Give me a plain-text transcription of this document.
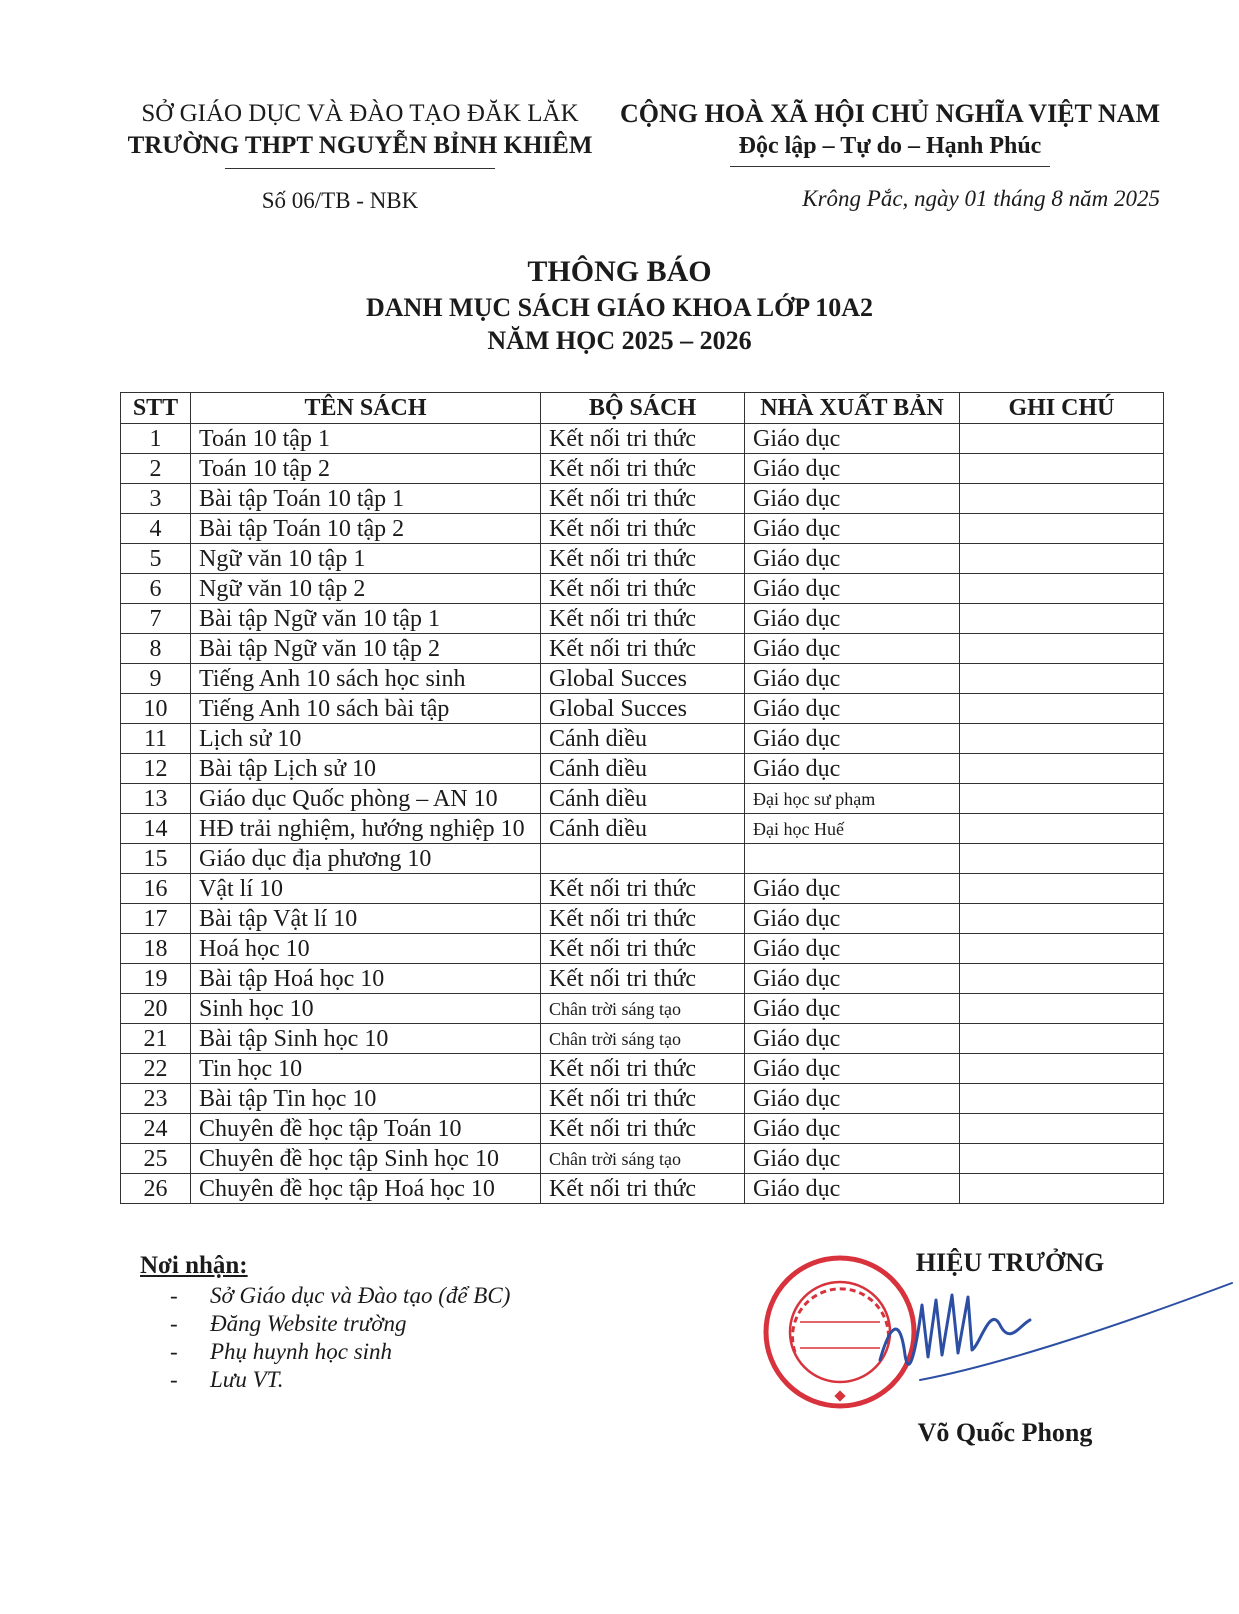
SỞ GIÁO DỤC VÀ ĐÀO TẠO ĐĂK LĂK
TRƯỜNG THPT NGUYỄN BỈNH KHIÊM
CỘNG HOÀ XÃ HỘI CHỦ NGHĨA VIỆT NAM
Độc lập – Tự do – Hạnh Phúc
Số 06/TB - NBK	Krông Pắc, ngày 01 tháng 8 năm 2025
THÔNG BÁO
DANH MỤC SÁCH GIÁO KHOA LỚP 10A2
NĂM HỌC 2025 – 2026
STT	TÊN SÁCH	BỘ SÁCH	NHÀ XUẤT BẢN	GHI CHÚ
1	Toán 10 tập 1	Kết nối tri thức	Giáo dục	
2	Toán 10 tập 2	Kết nối tri thức	Giáo dục	
3	Bài tập Toán 10 tập 1	Kết nối tri thức	Giáo dục	
4	Bài tập Toán 10 tập 2	Kết nối tri thức	Giáo dục	
5	Ngữ văn 10 tập 1	Kết nối tri thức	Giáo dục	
6	Ngữ văn 10 tập 2	Kết nối tri thức	Giáo dục	
7	Bài tập Ngữ văn 10 tập 1	Kết nối tri thức	Giáo dục	
8	Bài tập Ngữ văn 10 tập 2	Kết nối tri thức	Giáo dục	
9	Tiếng Anh 10 sách học sinh	Global Succes	Giáo dục	
10	Tiếng Anh 10 sách bài tập	Global Succes	Giáo dục	
11	Lịch sử 10	Cánh diều	Giáo dục	
12	Bài tập Lịch sử 10	Cánh diều	Giáo dục	
13	Giáo dục Quốc phòng – AN 10	Cánh diều	Đại học sư phạm	
14	HĐ trải nghiệm, hướng nghiệp 10	Cánh diều	Đại học Huế	
15	Giáo dục địa phương 10			
16	Vật lí 10	Kết nối tri thức	Giáo dục	
17	Bài tập Vật lí 10	Kết nối tri thức	Giáo dục	
18	Hoá học 10	Kết nối tri thức	Giáo dục	
19	Bài tập Hoá học 10	Kết nối tri thức	Giáo dục	
20	Sinh học 10	Chân trời sáng tạo	Giáo dục	
21	Bài tập Sinh học 10	Chân trời sáng tạo	Giáo dục	
22	Tin học 10	Kết nối tri thức	Giáo dục	
23	Bài tập Tin học 10	Kết nối tri thức	Giáo dục	
24	Chuyên đề học tập Toán 10	Kết nối tri thức	Giáo dục	
25	Chuyên đề học tập Sinh học 10	Chân trời sáng tạo	Giáo dục	
26	Chuyên đề học tập Hoá học 10	Kết nối tri thức	Giáo dục	
Nơi nhận:
- Sở Giáo dục và Đào tạo (để BC)
- Đăng Website trường
- Phụ huynh học sinh
- Lưu VT.
HIỆU TRƯỞNG
Võ Quốc Phong
